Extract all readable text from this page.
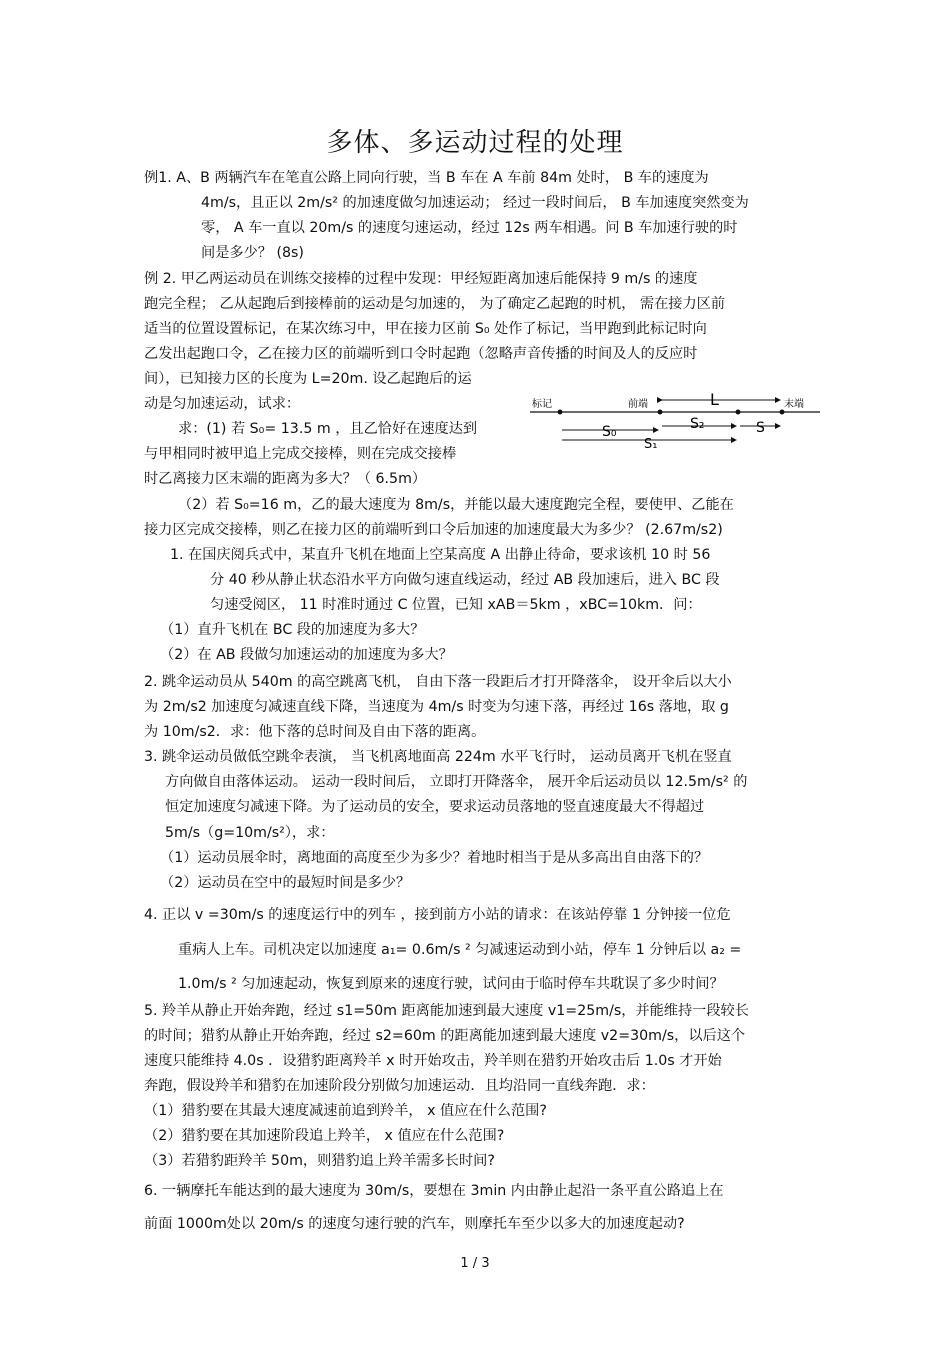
多体、多运动过程的处理
例1. A、B 两辆汽车在笔直公路上同向行驶，当 B 车在 A 车前 84m 处时， B 车的速度为
4m/s，且正以 2m/s² 的加速度做匀加速运动； 经过一段时间后， B 车加速度突然变为
零， A 车一直以 20m/s 的速度匀速运动，经过 12s 两车相遇。问 B 车加速行驶的时
间是多少？ (8s)
例 2. 甲乙两运动员在训练交接棒的过程中发现：甲经短距离加速后能保持 9 m/s 的速度
跑完全程； 乙从起跑后到接棒前的运动是匀加速的， 为了确定乙起跑的时机， 需在接力区前
适当的位置设置标记，在某次练习中，甲在接力区前 S₀ 处作了标记，当甲跑到此标记时向
乙发出起跑口令，乙在接力区的前端听到口令时起跑（忽略声音传播的时间及人的反应时
间），已知接力区的长度为 L=20m. 设乙起跑后的运
动是匀加速运动，试求：
求：(1) 若 S₀= 13.5 m ，且乙恰好在速度达到
与甲相同时被甲追上完成交接棒，则在完成交接棒
时乙离接力区末端的距离为多大？（ 6.5m）
（2）若 S₀=16 m，乙的最大速度为 8m/s，并能以最大速度跑完全程，要使甲、乙能在
接力区完成交接棒，则乙在接力区的前端听到口令后加速的加速度最大为多少？ (2.67m/s2)
1. 在国庆阅兵式中，某直升飞机在地面上空某高度 A 出静止待命，要求该机 10 时 56
分 40 秒从静止状态沿水平方向做匀速直线运动，经过 AB 段加速后，进入 BC 段
匀速受阅区， 11 时准时通过 C 位置，已知 xAB＝5km ，xBC=10km．问：
（1）直升飞机在 BC 段的加速度为多大？
（2）在 AB 段做匀加速运动的加速度为多大？
2. 跳伞运动员从 540m 的高空跳离飞机， 自由下落一段距后才打开降落伞， 设开伞后以大小
为 2m/s2 加速度匀减速直线下降，当速度为 4m/s 时变为匀速下落，再经过 16s 落地，取 g
为 10m/s2．求：他下落的总时间及自由下落的距离。
3. 跳伞运动员做低空跳伞表演， 当飞机离地面高 224m 水平飞行时， 运动员离开飞机在竖直
方向做自由落体运动。 运动一段时间后， 立即打开降落伞， 展开伞后运动员以 12.5m/s² 的
恒定加速度匀减速下降。为了运动员的安全，要求运动员落地的竖直速度最大不得超过
5m/s（g=10m/s²），求：
（1）运动员展伞时，离地面的高度至少为多少？着地时相当于是从多高出自由落下的？
（2）运动员在空中的最短时间是多少？
4. 正以 v =30m/s 的速度运行中的列车 ，接到前方小站的请求：在该站停靠 1 分钟接一位危
重病人上车。司机决定以加速度 a₁= 0.6m/s ² 匀减速运动到小站，停车 1 分钟后以 a₂ =
1.0m/s ² 匀加速起动，恢复到原来的速度行驶，试问由于临时停车共耽误了多少时间？
5. 羚羊从静止开始奔跑，经过 s1=50m 距离能加速到最大速度 v1=25m/s，并能维持一段较长
的时间；猎豹从静止开始奔跑，经过 s2=60m 的距离能加速到最大速度 v2=30m/s，以后这个
速度只能维持 4.0s ．设猎豹距离羚羊 x 时开始攻击，羚羊则在猎豹开始攻击后 1.0s 才开始
奔跑，假设羚羊和猎豹在加速阶段分别做匀加速运动．且均沿同一直线奔跑．求：
（1）猎豹要在其最大速度减速前追到羚羊， x 值应在什么范围?
（2）猎豹要在其加速阶段追上羚羊， x 值应在什么范围?
（3）若猎豹距羚羊 50m，则猎豹追上羚羊需多长时间?
6. 一辆摩托车能达到的最大速度为 30m/s，要想在 3min 内由静止起沿一条平直公路追上在
前面 1000m处以 20m/s 的速度匀速行驶的汽车，则摩托车至少以多大的加速度起动?
标记	前端	末端
L
S₀	S₂	S
S₁
1 / 3
